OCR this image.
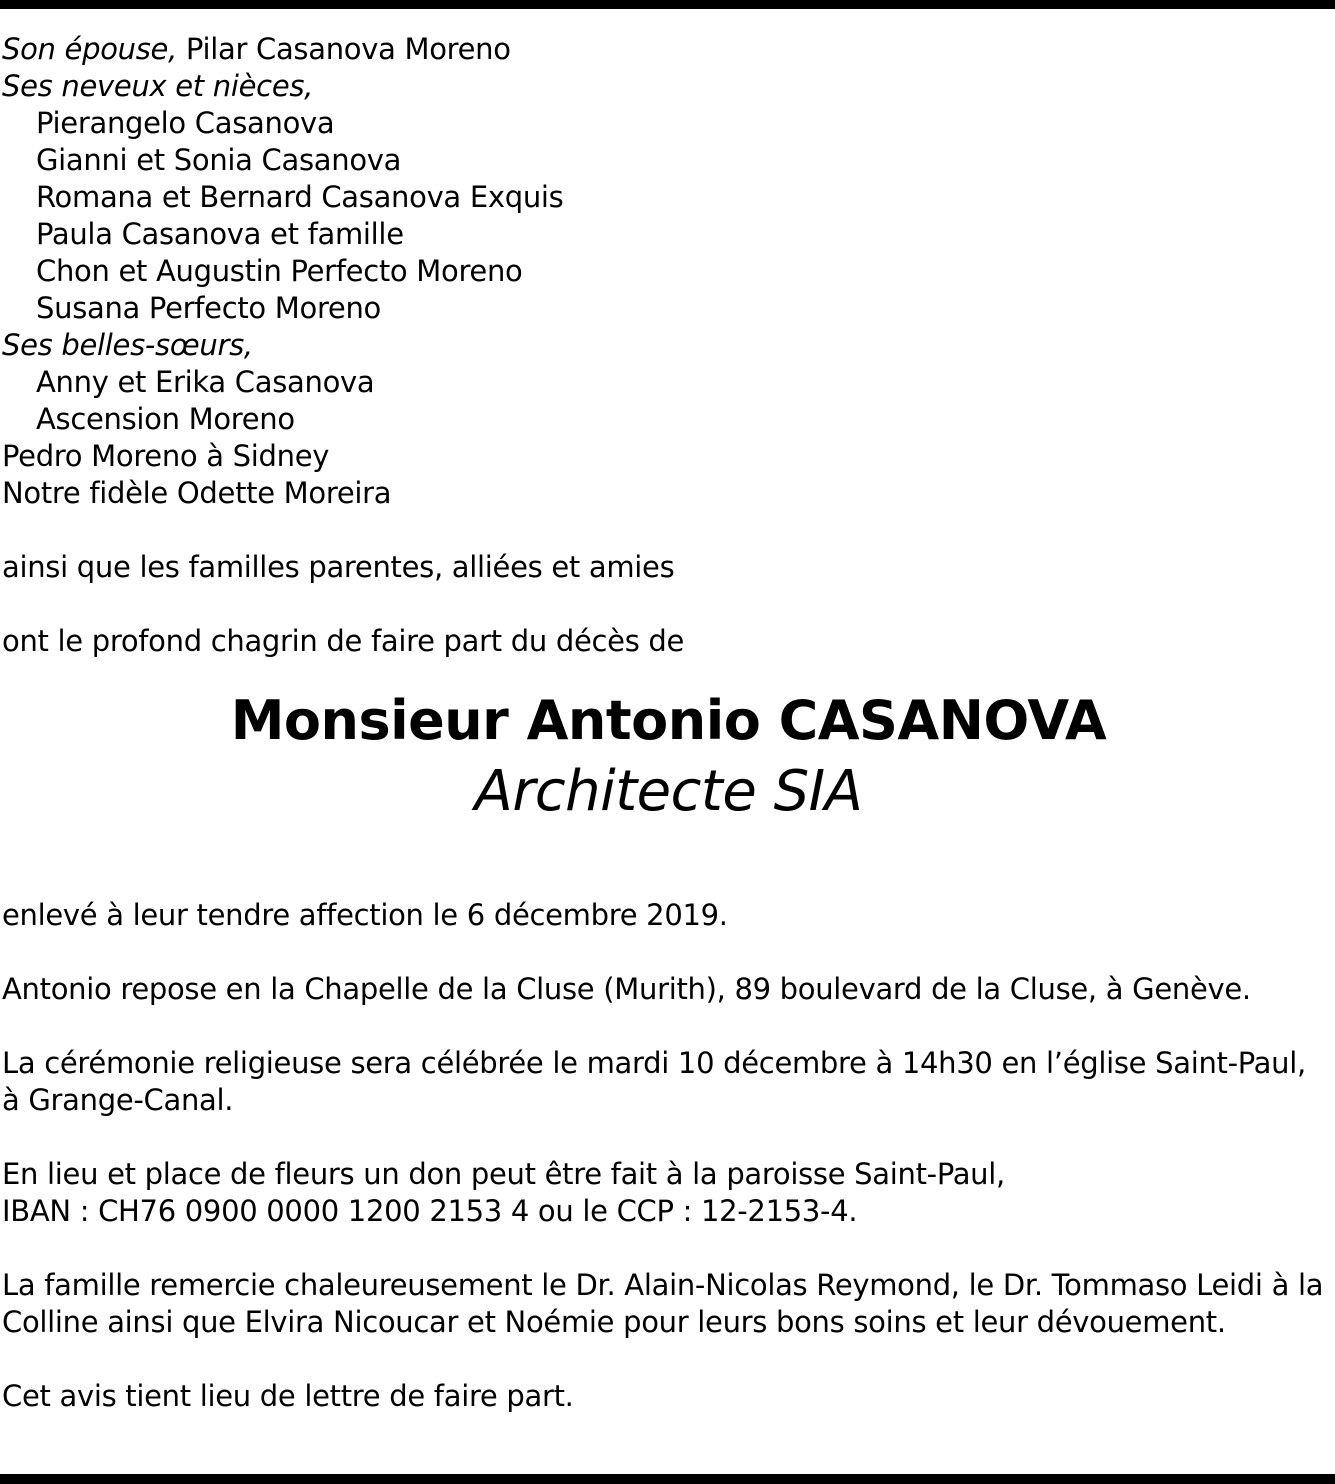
Son épouse, Pilar Casanova Moreno
Ses neveux et nièces,
Pierangelo Casanova
Gianni et Sonia Casanova
Romana et Bernard Casanova Exquis
Paula Casanova et famille
Chon et Augustin Perfecto Moreno
Susana Perfecto Moreno
Ses belles-sœurs,
Anny et Erika Casanova
Ascension Moreno
Pedro Moreno à Sidney
Notre fidèle Odette Moreira
ainsi que les familles parentes, alliées et amies
ont le profond chagrin de faire part du décès de
Monsieur Antonio CASANOVA
Architecte SIA
enlevé à leur tendre affection le 6 décembre 2019.
Antonio repose en la Chapelle de la Cluse (Murith), 89 boulevard de la Cluse, à Genève.
La cérémonie religieuse sera célébrée le mardi 10 décembre à 14h30 en l’église Saint-Paul,
à Grange-Canal.
En lieu et place de fleurs un don peut être fait à la paroisse Saint-Paul,
IBAN : CH76 0900 0000 1200 2153 4 ou le CCP : 12-2153-4.
La famille remercie chaleureusement le Dr. Alain-Nicolas Reymond, le Dr. Tommaso Leidi à la
Colline ainsi que Elvira Nicoucar et Noémie pour leurs bons soins et leur dévouement.
Cet avis tient lieu de lettre de faire part.
